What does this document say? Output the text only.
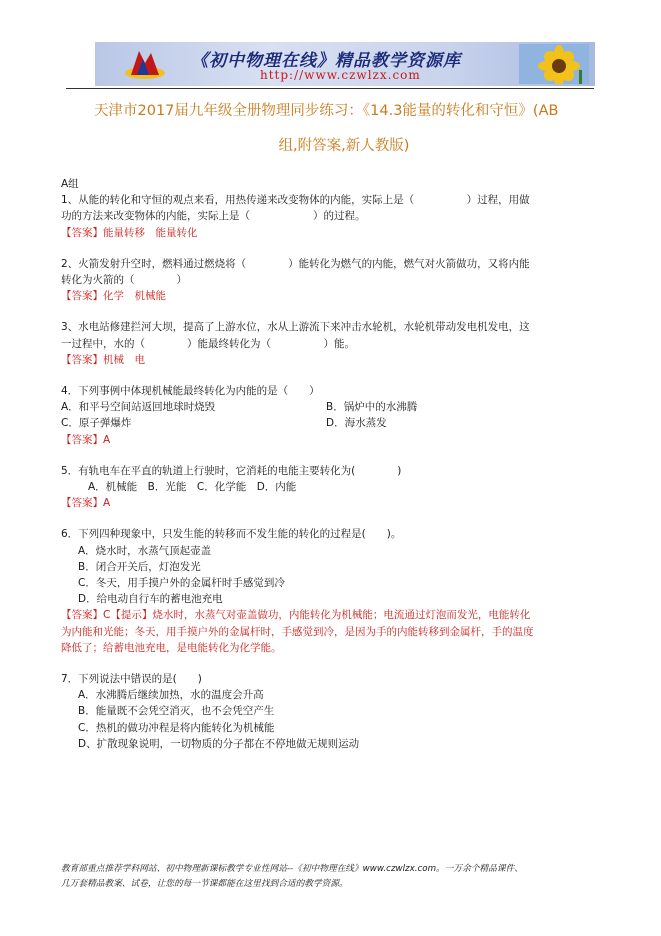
《初中物理在线》精品教学资源库
http://www.czwlzx.com
天津市2017届九年级全册物理同步练习：《14.3能量的转化和守恒》(AB
组,附答案,新人教版)

A组

1、从能的转化和守恒的观点来看，用热传递来改变物体的内能，实际上是（　　　　　）过程，用做

功的方法来改变物体的内能，实际上是（　　　　　　）的过程。

【答案】能量转移　能量转化

2、火箭发射升空时，燃料通过燃烧将（　　　　）能转化为燃气的内能，燃气对火箭做功，又将内能

转化为火箭的（　　　　）

【答案】化学　机械能

3、水电站修建拦河大坝，提高了上游水位，水从上游流下来冲击水轮机，水轮机带动发电机发电，这

一过程中，水的（　　　　）能最终转化为（　　　　　）能。

【答案】机械　电

4．下列事例中体现机械能最终转化为内能的是（　　）

A．和平号空间站返回地球时烧毁	B．锅炉中的水沸腾

C．原子弹爆炸	D．海水蒸发

【答案】A

5．有轨电车在平直的轨道上行驶时，它消耗的电能主要转化为(　　　　)

A．机械能　B．光能　C．化学能　D．内能

【答案】A

6．下列四种现象中，只发生能的转移而不发生能的转化的过程是(　　)。

A．烧水时，水蒸气顶起壶盖

B．闭合开关后，灯泡发光

C．冬天，用手摸户外的金属杆时手感觉到冷

D．给电动自行车的蓄电池充电

【答案】C【提示】烧水时，水蒸气对壶盖做功，内能转化为机械能；电流通过灯泡而发光，电能转化

为内能和光能；冬天，用手摸户外的金属杆时，手感觉到冷，是因为手的内能转移到金属杆，手的温度

降低了；给蓄电池充电，是电能转化为化学能。

7．下列说法中错误的是(　　)

A．水沸腾后继续加热，水的温度会升高

B．能量既不会凭空消灭，也不会凭空产生

C．热机的做功冲程是将内能转化为机械能

D、扩散现象说明，一切物质的分子都在不停地做无规则运动

教育部重点推荐学科网站、初中物理新课标教学专业性网站--《初中物理在线》www.czwlzx.com。一万余个精品课件、
几万套精品教案、试卷，让您的每一节课都能在这里找到合适的教学资源。
